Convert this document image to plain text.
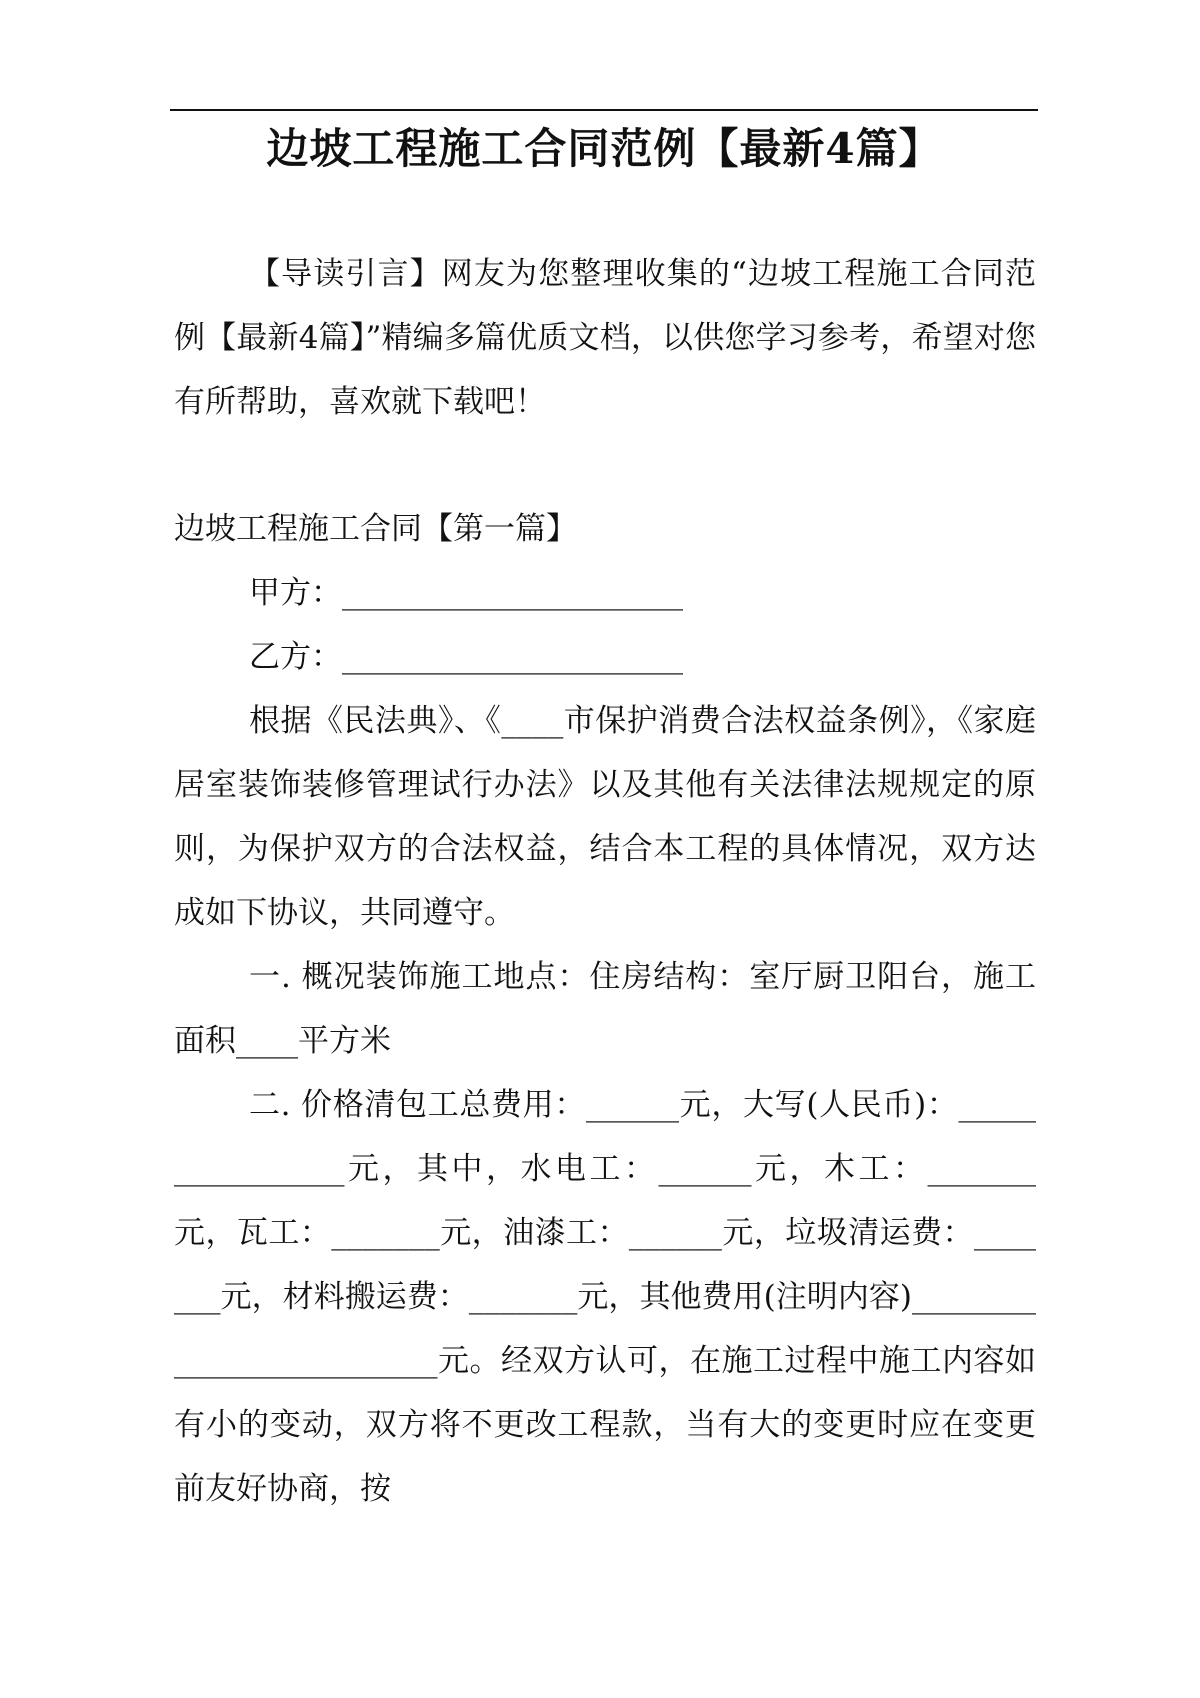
边坡工程施工合同范例【最新4篇】
【导读引言】网友为您整理收集的“边坡工程施工合同范例【最新4篇】”精编多篇优质文档，以供您学习参考，希望对您有所帮助，喜欢就下载吧！

边坡工程施工合同【第一篇】

甲方：______________________

乙方：______________________

根据《民法典》、《____市保护消费合法权益条例》，《家庭居室装饰装修管理试行办法》以及其他有关法律法规规定的原则，为保护双方的合法权益，结合本工程的具体情况，双方达成如下协议，共同遵守。

一. 概况装饰施工地点：住房结构：室厅厨卫阳台，施工面积____平方米

二. 价格清包工总费用：______元，大写(人民币)：________________元，其中，水电工：______元，木工：_______元，瓦工：_______元，油漆工：______元，垃圾清运费：_______元，材料搬运费：_______元，其他费用(注明内容)_________________________元。经双方认可，在施工过程中施工内容如有小的变动，双方将不更改工程款，当有大的变更时应在变更前友好协商，按
